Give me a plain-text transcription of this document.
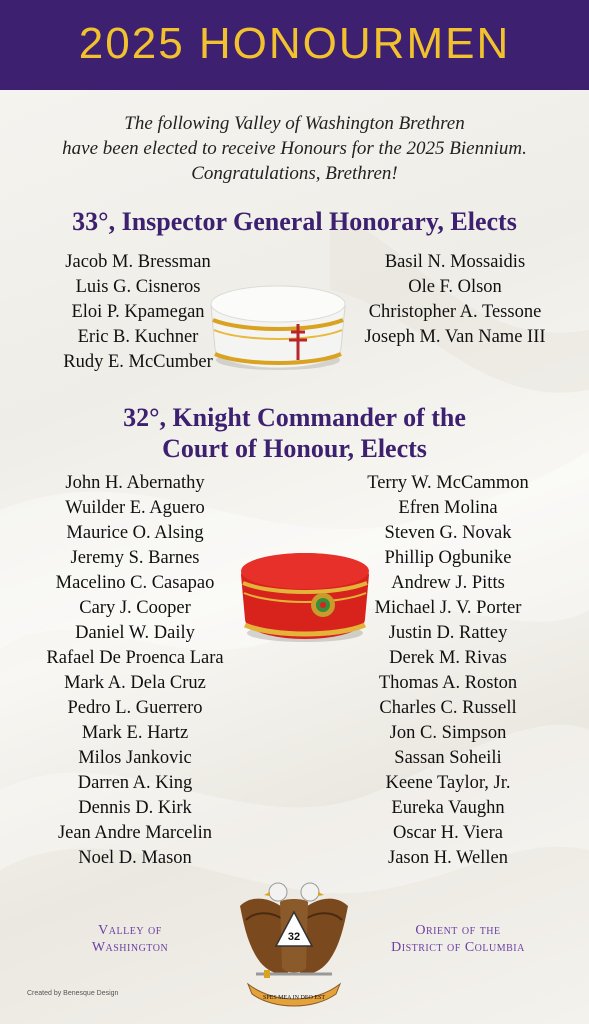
2025 HONOURMEN
The following Valley of Washington Brethren
have been elected to receive Honours for the 2025 Biennium.
Congratulations, Brethren!
33°, Inspector General Honorary, Elects
Jacob M. Bressman
Luis G. Cisneros
Eloi P. Kpamegan
Eric B. Kuchner
Rudy E. McCumber
Basil N. Mossaidis
Ole F. Olson
Christopher A. Tessone
Joseph M. Van Name III
32°, Knight Commander of the
Court of Honour, Elects
John H. Abernathy
Wuilder E. Aguero
Maurice O. Alsing
Jeremy S. Barnes
Macelino C. Casapao
Cary J. Cooper
Daniel W. Daily
Rafael De Proenca Lara
Mark A. Dela Cruz
Pedro L. Guerrero
Mark E. Hartz
Milos Jankovic
Darren A. King
Dennis D. Kirk
Jean Andre Marcelin
Noel D. Mason
Terry W. McCammon
Efren Molina
Steven G. Novak
Phillip Ogbunike
Andrew J. Pitts
Michael J. V. Porter
Justin D. Rattey
Derek M. Rivas
Thomas A. Roston
Charles C. Russell
Jon C. Simpson
Sassan Soheili
Keene Taylor, Jr.
Eureka Vaughn
Oscar H. Viera
Jason H. Wellen
Valley of
Washington
Orient of the
District of Columbia
32
SPES MEA IN DEO EST
Created by Benesque Design
